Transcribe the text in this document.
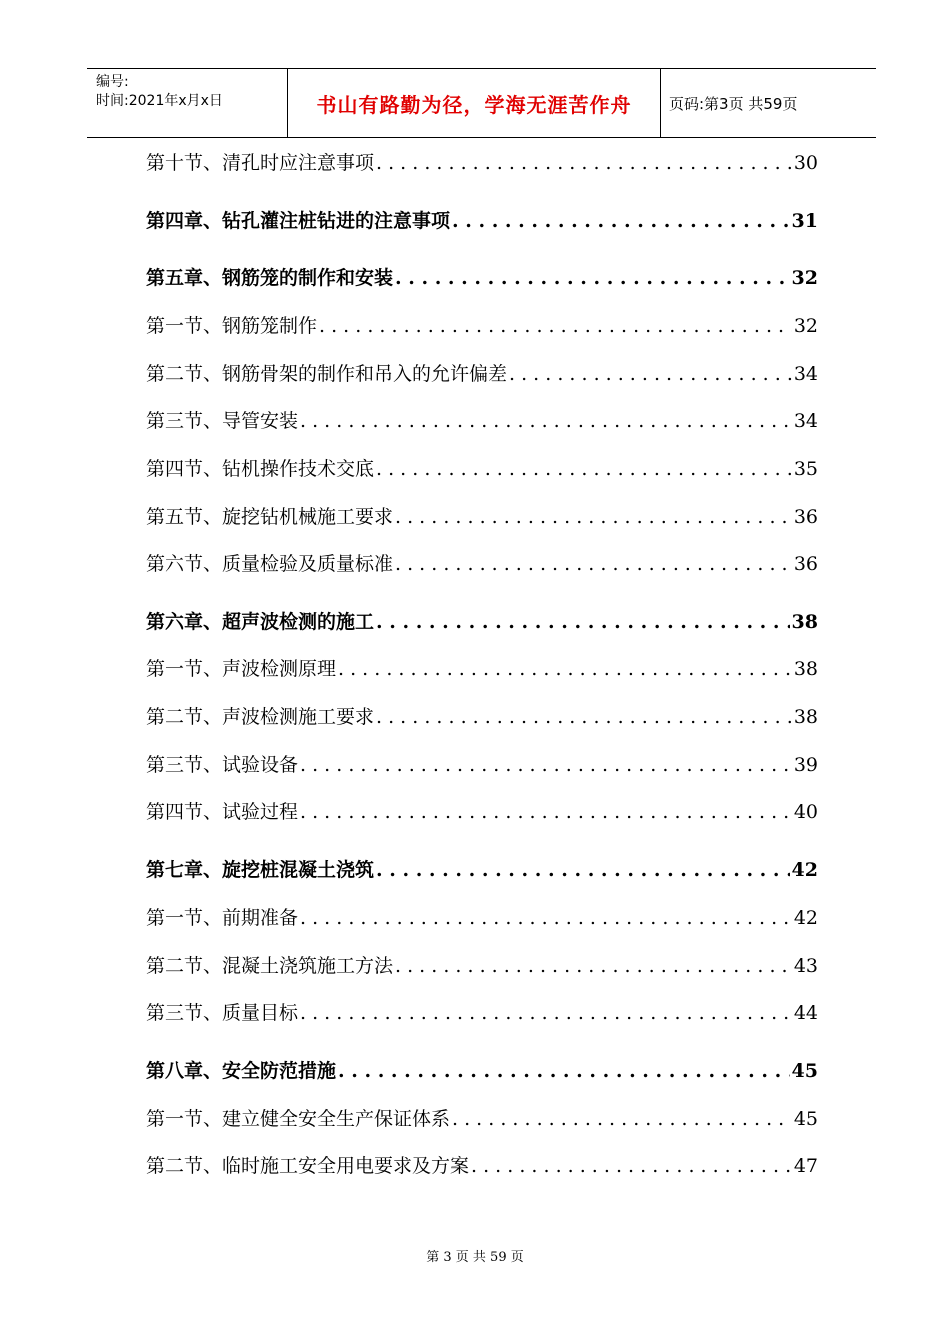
编号:
时间:2021年x月x日	书山有路勤为径，学海无涯苦作舟	页码:第3页 共59页
第十节、清孔时应注意事项 . . .	30
第四章、钻孔灌注桩钻进的注意事项 . . .	31
第五章、钢筋笼的制作和安装 . . .	32
第一节、钢筋笼制作 . . .	32
第二节、钢筋骨架的制作和吊入的允许偏差 . . .	34
第三节、导管安装 . . .	34
第四节、钻机操作技术交底 . . .	35
第五节、旋挖钻机械施工要求 . . .	36
第六节、质量检验及质量标准 . . .	36
第六章、超声波检测的施工 . . .	38
第一节、声波检测原理 . . .	38
第二节、声波检测施工要求 . . .	38
第三节、试验设备 . . .	39
第四节、试验过程 . . .	40
第七章、旋挖桩混凝土浇筑 . . .	42
第一节、前期准备 . . .	42
第二节、混凝土浇筑施工方法 . . .	43
第三节、质量目标 . . .	44
第八章、安全防范措施 . . .	45
第一节、建立健全安全生产保证体系 . . .	45
第二节、临时施工安全用电要求及方案 . . .	47
第 3 页 共 59 页
